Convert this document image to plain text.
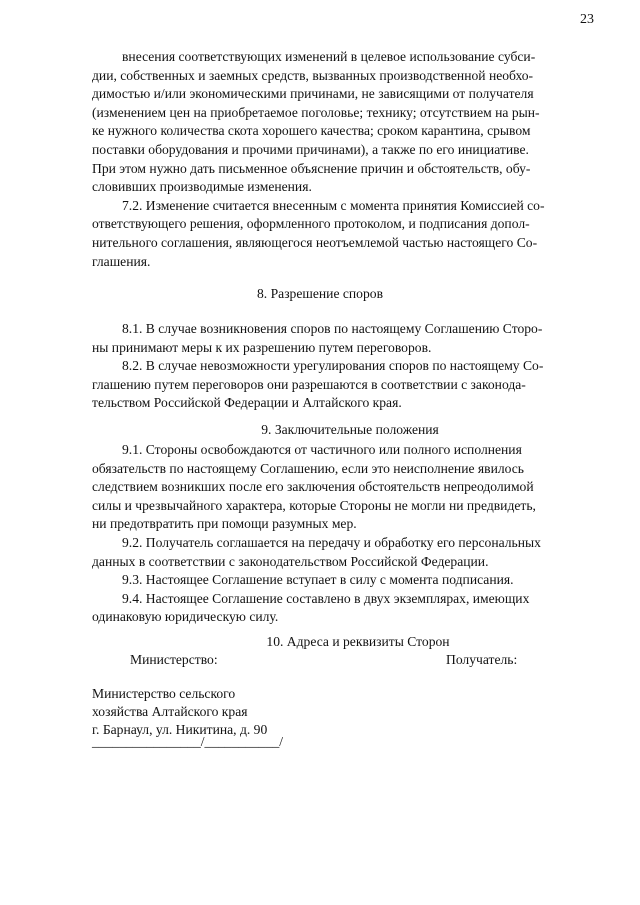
23

внесения соответствующих изменений в целевое использование субси-

дии, собственных и заемных средств, вызванных производственной необхо-

димостью и/или экономическими причинами, не зависящими от получателя

(изменением цен на приобретаемое поголовье; технику; отсутствием на рын-

ке нужного количества скота хорошего качества; сроком карантина, срывом

поставки оборудования и прочими причинами), а также по его инициативе.

При этом нужно дать письменное объяснение причин и обстоятельств, обу-

словивших производимые изменения.

7.2. Изменение считается внесенным с момента принятия Комиссией со-

ответствующего решения, оформленного протоколом, и подписания допол-

нительного соглашения, являющегося неотъемлемой частью настоящего Со-

глашения.

8. Разрешение споров

8.1. В случае возникновения споров по настоящему Соглашению Сторо-

ны принимают меры к их разрешению путем переговоров.

8.2. В случае невозможности урегулирования споров по настоящему Со-

глашению путем переговоров они разрешаются в соответствии с законода-

тельством Российской Федерации и Алтайского края.

9. Заключительные положения

9.1. Стороны освобождаются от частичного или полного исполнения

обязательств по настоящему Соглашению, если это неисполнение явилось

следствием возникших после его заключения обстоятельств непреодолимой

силы и чрезвычайного характера, которые Стороны не могли ни предвидеть,

ни предотвратить при помощи разумных мер.

9.2. Получатель соглашается на передачу и обработку его персональных

данных в соответствии с законодательством Российской Федерации.

9.3. Настоящее Соглашение вступает в силу с момента подписания.

9.4. Настоящее Соглашение составлено в двух экземплярах, имеющих

одинаковую юридическую силу.

10. Адреса и реквизиты Сторон
Министерство:	Получатель:
Министерство сельского
хозяйства Алтайского края
г. Барнаул, ул. Никитина, д. 90
________________/___________/
